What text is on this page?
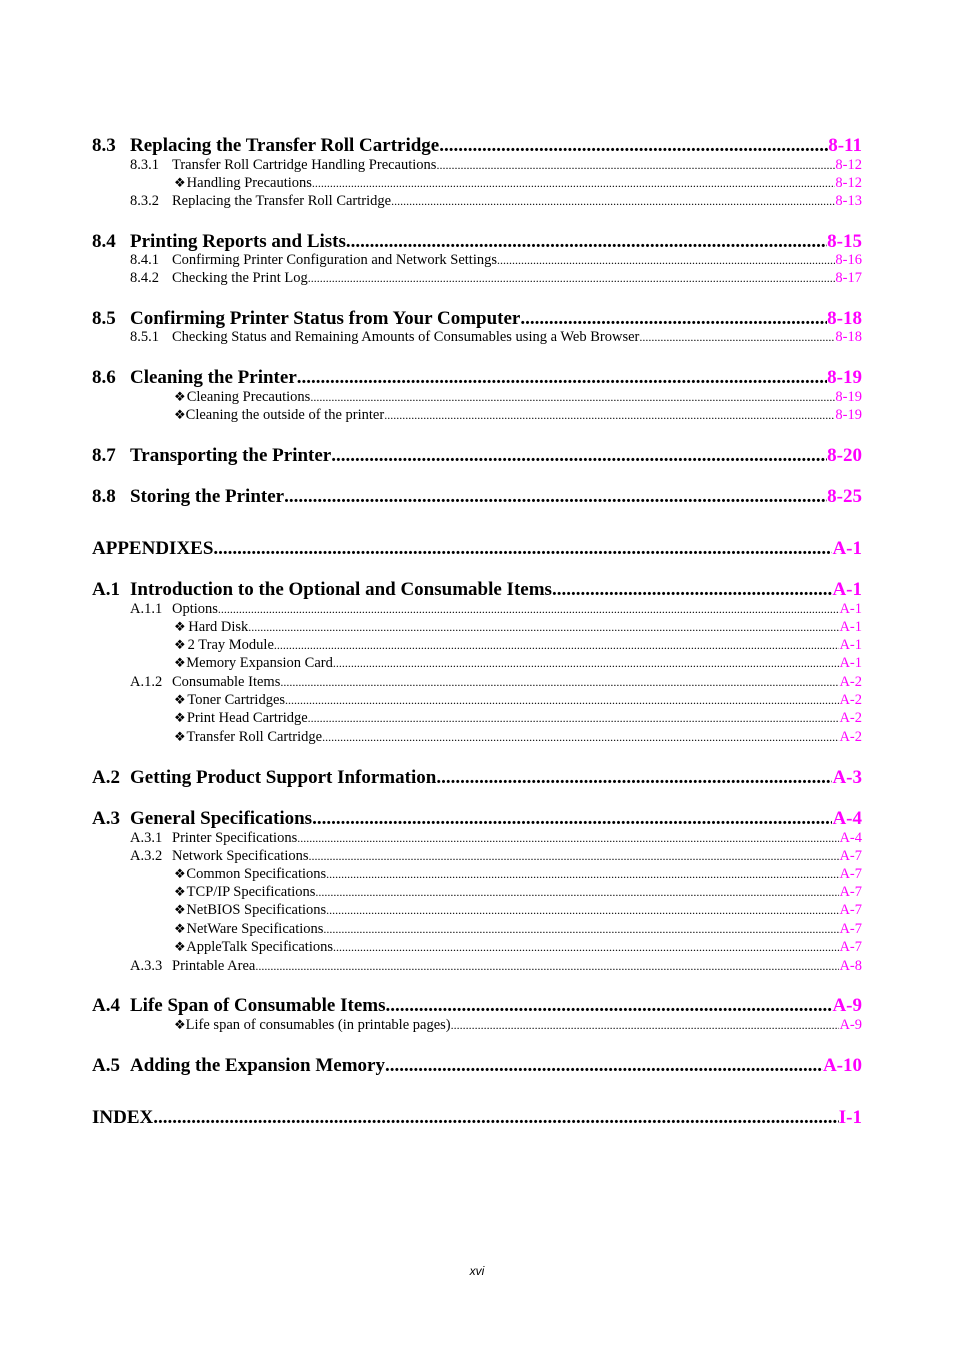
8.3 Replacing the Transfer Roll Cartridge .....	8-11
8.3.1 Transfer Roll Cartridge Handling Precautions .....	8-12
❖ Handling Precautions .....	8-12
8.3.2 Replacing the Transfer Roll Cartridge .....	8-13
8.4 Printing Reports and Lists .....	8-15
8.4.1 Confirming Printer Configuration and Network Settings .....	8-16
8.4.2 Checking the Print Log .....	8-17
8.5 Confirming Printer Status from Your Computer .....	8-18
8.5.1 Checking Status and Remaining Amounts of Consumables using a Web Browser .....	8-18
8.6 Cleaning the Printer .....	8-19
❖ Cleaning Precautions .....	8-19
❖ Cleaning the outside of the printer .....	8-19
8.7 Transporting the Printer .....	8-20
8.8 Storing the Printer .....	8-25
APPENDIXES .....	A-1
A.1 Introduction to the Optional and Consumable Items .....	A-1
A.1.1 Options .....	A-1
❖ Hard Disk .....	A-1
❖ 2 Tray Module .....	A-1
❖ Memory Expansion Card .....	A-1
A.1.2 Consumable Items .....	A-2
❖ Toner Cartridges .....	A-2
❖ Print Head Cartridge .....	A-2
❖ Transfer Roll Cartridge .....	A-2
A.2 Getting Product Support Information .....	A-3
A.3 General Specifications .....	A-4
A.3.1 Printer Specifications .....	A-4
A.3.2 Network Specifications .....	A-7
❖ Common Specifications .....	A-7
❖ TCP/IP Specifications .....	A-7
❖ NetBIOS Specifications .....	A-7
❖ NetWare Specifications .....	A-7
❖ AppleTalk Specifications .....	A-7
A.3.3 Printable Area .....	A-8
A.4 Life Span of Consumable Items .....	A-9
❖ Life span of consumables (in printable pages) .....	A-9
A.5 Adding the Expansion Memory .....	A-10
INDEX .....	I-1
xvi
